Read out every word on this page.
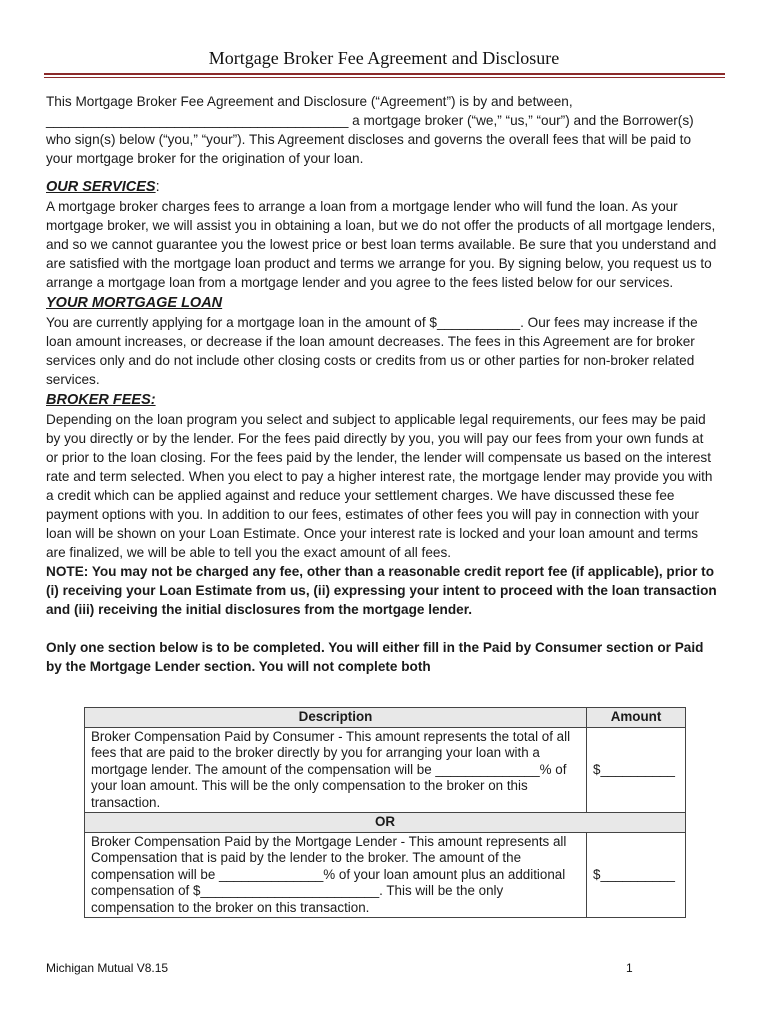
Mortgage Broker Fee Agreement and Disclosure

This Mortgage Broker Fee Agreement and Disclosure (“Agreement”) is by and between, ________________________________________ a mortgage broker (“we,” “us,” “our”) and the Borrower(s) who sign(s) below (“you,” “your”). This Agreement discloses and governs the overall fees that will be paid to your mortgage broker for the origination of your loan.

OUR SERVICES:

A mortgage broker charges fees to arrange a loan from a mortgage lender who will fund the loan. As your mortgage broker, we will assist you in obtaining a loan, but we do not offer the products of all mortgage lenders, and so we cannot guarantee you the lowest price or best loan terms available. Be sure that you understand and are satisfied with the mortgage loan product and terms we arrange for you. By signing below, you request us to arrange a mortgage loan from a mortgage lender and you agree to the fees listed below for our services.

YOUR MORTGAGE LOAN

You are currently applying for a mortgage loan in the amount of $___________. Our fees may increase if the loan amount increases, or decrease if the loan amount decreases. The fees in this Agreement are for broker services only and do not include other closing costs or credits from us or other parties for non-broker related services.

BROKER FEES:

Depending on the loan program you select and subject to applicable legal requirements, our fees may be paid by you directly or by the lender. For the fees paid directly by you, you will pay our fees from your own funds at or prior to the loan closing. For the fees paid by the lender, the lender will compensate us based on the interest rate and term selected. When you elect to pay a higher interest rate, the mortgage lender may provide you with a credit which can be applied against and reduce your settlement charges. We have discussed these fee payment options with you. In addition to our fees, estimates of other fees you will pay in connection with your loan will be shown on your Loan Estimate. Once your interest rate is locked and your loan amount and terms are finalized, we will be able to tell you the exact amount of all fees.

NOTE: You may not be charged any fee, other than a reasonable credit report fee (if applicable), prior to (i) receiving your Loan Estimate from us, (ii) expressing your intent to proceed with the loan transaction and (iii) receiving the initial disclosures from the mortgage lender.

Only one section below is to be completed. You will either fill in the Paid by Consumer section or Paid by the Mortgage Lender section. You will not complete both

Description	Amount
Broker Compensation Paid by Consumer - This amount represents the total of all fees that are paid to the broker directly by you for arranging your loan with a mortgage lender. The amount of the compensation will be ______________% of your loan amount. This will be the only compensation to the broker on this transaction.	$__________
OR	
Broker Compensation Paid by the Mortgage Lender - This amount represents all Compensation that is paid by the lender to the broker. The amount of the compensation will be ______________% of your loan amount plus an additional compensation of $________________________. This will be the only compensation to the broker on this transaction.	$__________
Michigan Mutual V8.15	1
